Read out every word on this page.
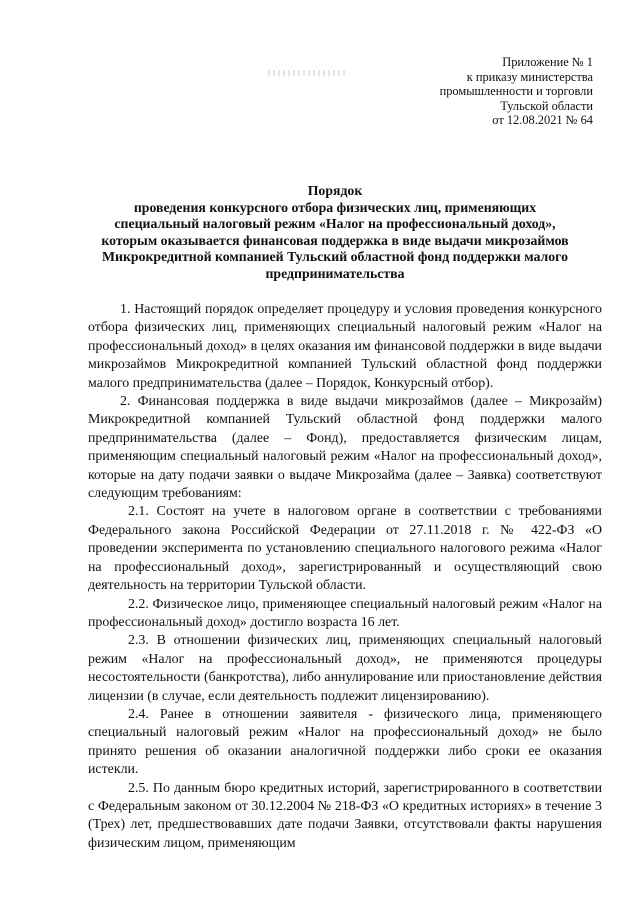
Приложение № 1
к приказу министерства
промышленности и торговли
Тульской области
от 12.08.2021 № 64
Порядок
проведения конкурсного отбора физических лиц, применяющих
специальный налоговый режим «Налог на профессиональный доход»,
которым оказывается финансовая поддержка в виде выдачи микрозаймов
Микрокредитной компанией Тульский областной фонд поддержки малого
предпринимательства

1. Настоящий порядок определяет процедуру и условия проведения конкурсного отбора физических лиц, применяющих специальный налоговый режим «Налог на профессиональный доход» в целях оказания им финансовой поддержки в виде выдачи микрозаймов Микрокредитной компанией Тульский областной фонд поддержки малого предпринимательства (далее – Порядок, Конкурсный отбор).

2. Финансовая поддержка в виде выдачи микрозаймов (далее – Микрозайм) Микрокредитной компанией Тульский областной фонд поддержки малого предпринимательства (далее – Фонд), предоставляется физическим лицам, применяющим специальный налоговый режим «Налог на профессиональный доход», которые на дату подачи заявки о выдаче Микрозайма (далее – Заявка) соответствуют следующим требованиям:

2.1. Состоят на учете в налоговом органе в соответствии с требованиями Федерального закона Российской Федерации от 27.11.2018 г. № 422-ФЗ «О проведении эксперимента по установлению специального налогового режима «Налог на профессиональный доход», зарегистрированный и осуществляющий свою деятельность на территории Тульской области.

2.2. Физическое лицо, применяющее специальный налоговый режим «Налог на профессиональный доход» достигло возраста 16 лет.

2.3. В отношении физических лиц, применяющих специальный налоговый режим «Налог на профессиональный доход», не применяются процедуры несостоятельности (банкротства), либо аннулирование или приостановление действия лицензии (в случае, если деятельность подлежит лицензированию).

2.4. Ранее в отношении заявителя - физического лица, применяющего специальный налоговый режим «Налог на профессиональный доход» не было принято решения об оказании аналогичной поддержки либо сроки ее оказания истекли.

2.5. По данным бюро кредитных историй, зарегистрированного в соответствии с Федеральным законом от 30.12.2004 № 218-ФЗ «О кредитных историях» в течение 3 (Трех) лет, предшествовавших дате подачи Заявки, отсутствовали факты нарушения физическим лицом, применяющим
